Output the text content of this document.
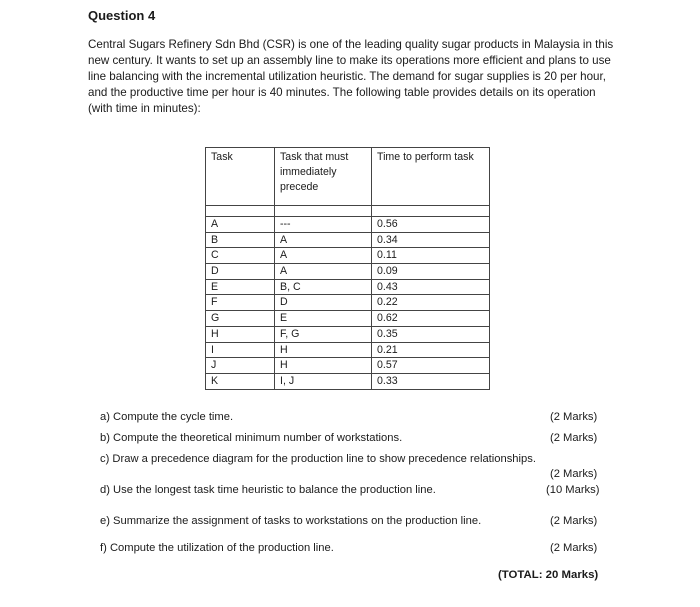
Question 4
Central Sugars Refinery Sdn Bhd (CSR) is one of the leading quality sugar products in Malaysia in this new century. It wants to set up an assembly line to make its operations more efficient and plans to use line balancing with the incremental utilization heuristic. The demand for sugar supplies is 20 per hour, and the productive time per hour is 40 minutes. The following table provides details on its operation (with time in minutes):
Task	Task that must immediately precede	Time to perform task

A	---	0.56
B	A	0.34
C	A	0.11
D	A	0.09
E	B, C	0.43
F	D	0.22
G	E	0.62
H	F, G	0.35
I	H	0.21
J	H	0.57
K	I, J	0.33
a) Compute the cycle time.	(2 Marks)
b) Compute the theoretical minimum number of workstations.	(2 Marks)
c) Draw a precedence diagram for the production line to show precedence relationships.
(2 Marks)
d) Use the longest task time heuristic to balance the production line.	(10 Marks)
e) Summarize the assignment of tasks to workstations on the production line.	(2 Marks)
f) Compute the utilization of the production line.	(2 Marks)
(TOTAL: 20 Marks)
